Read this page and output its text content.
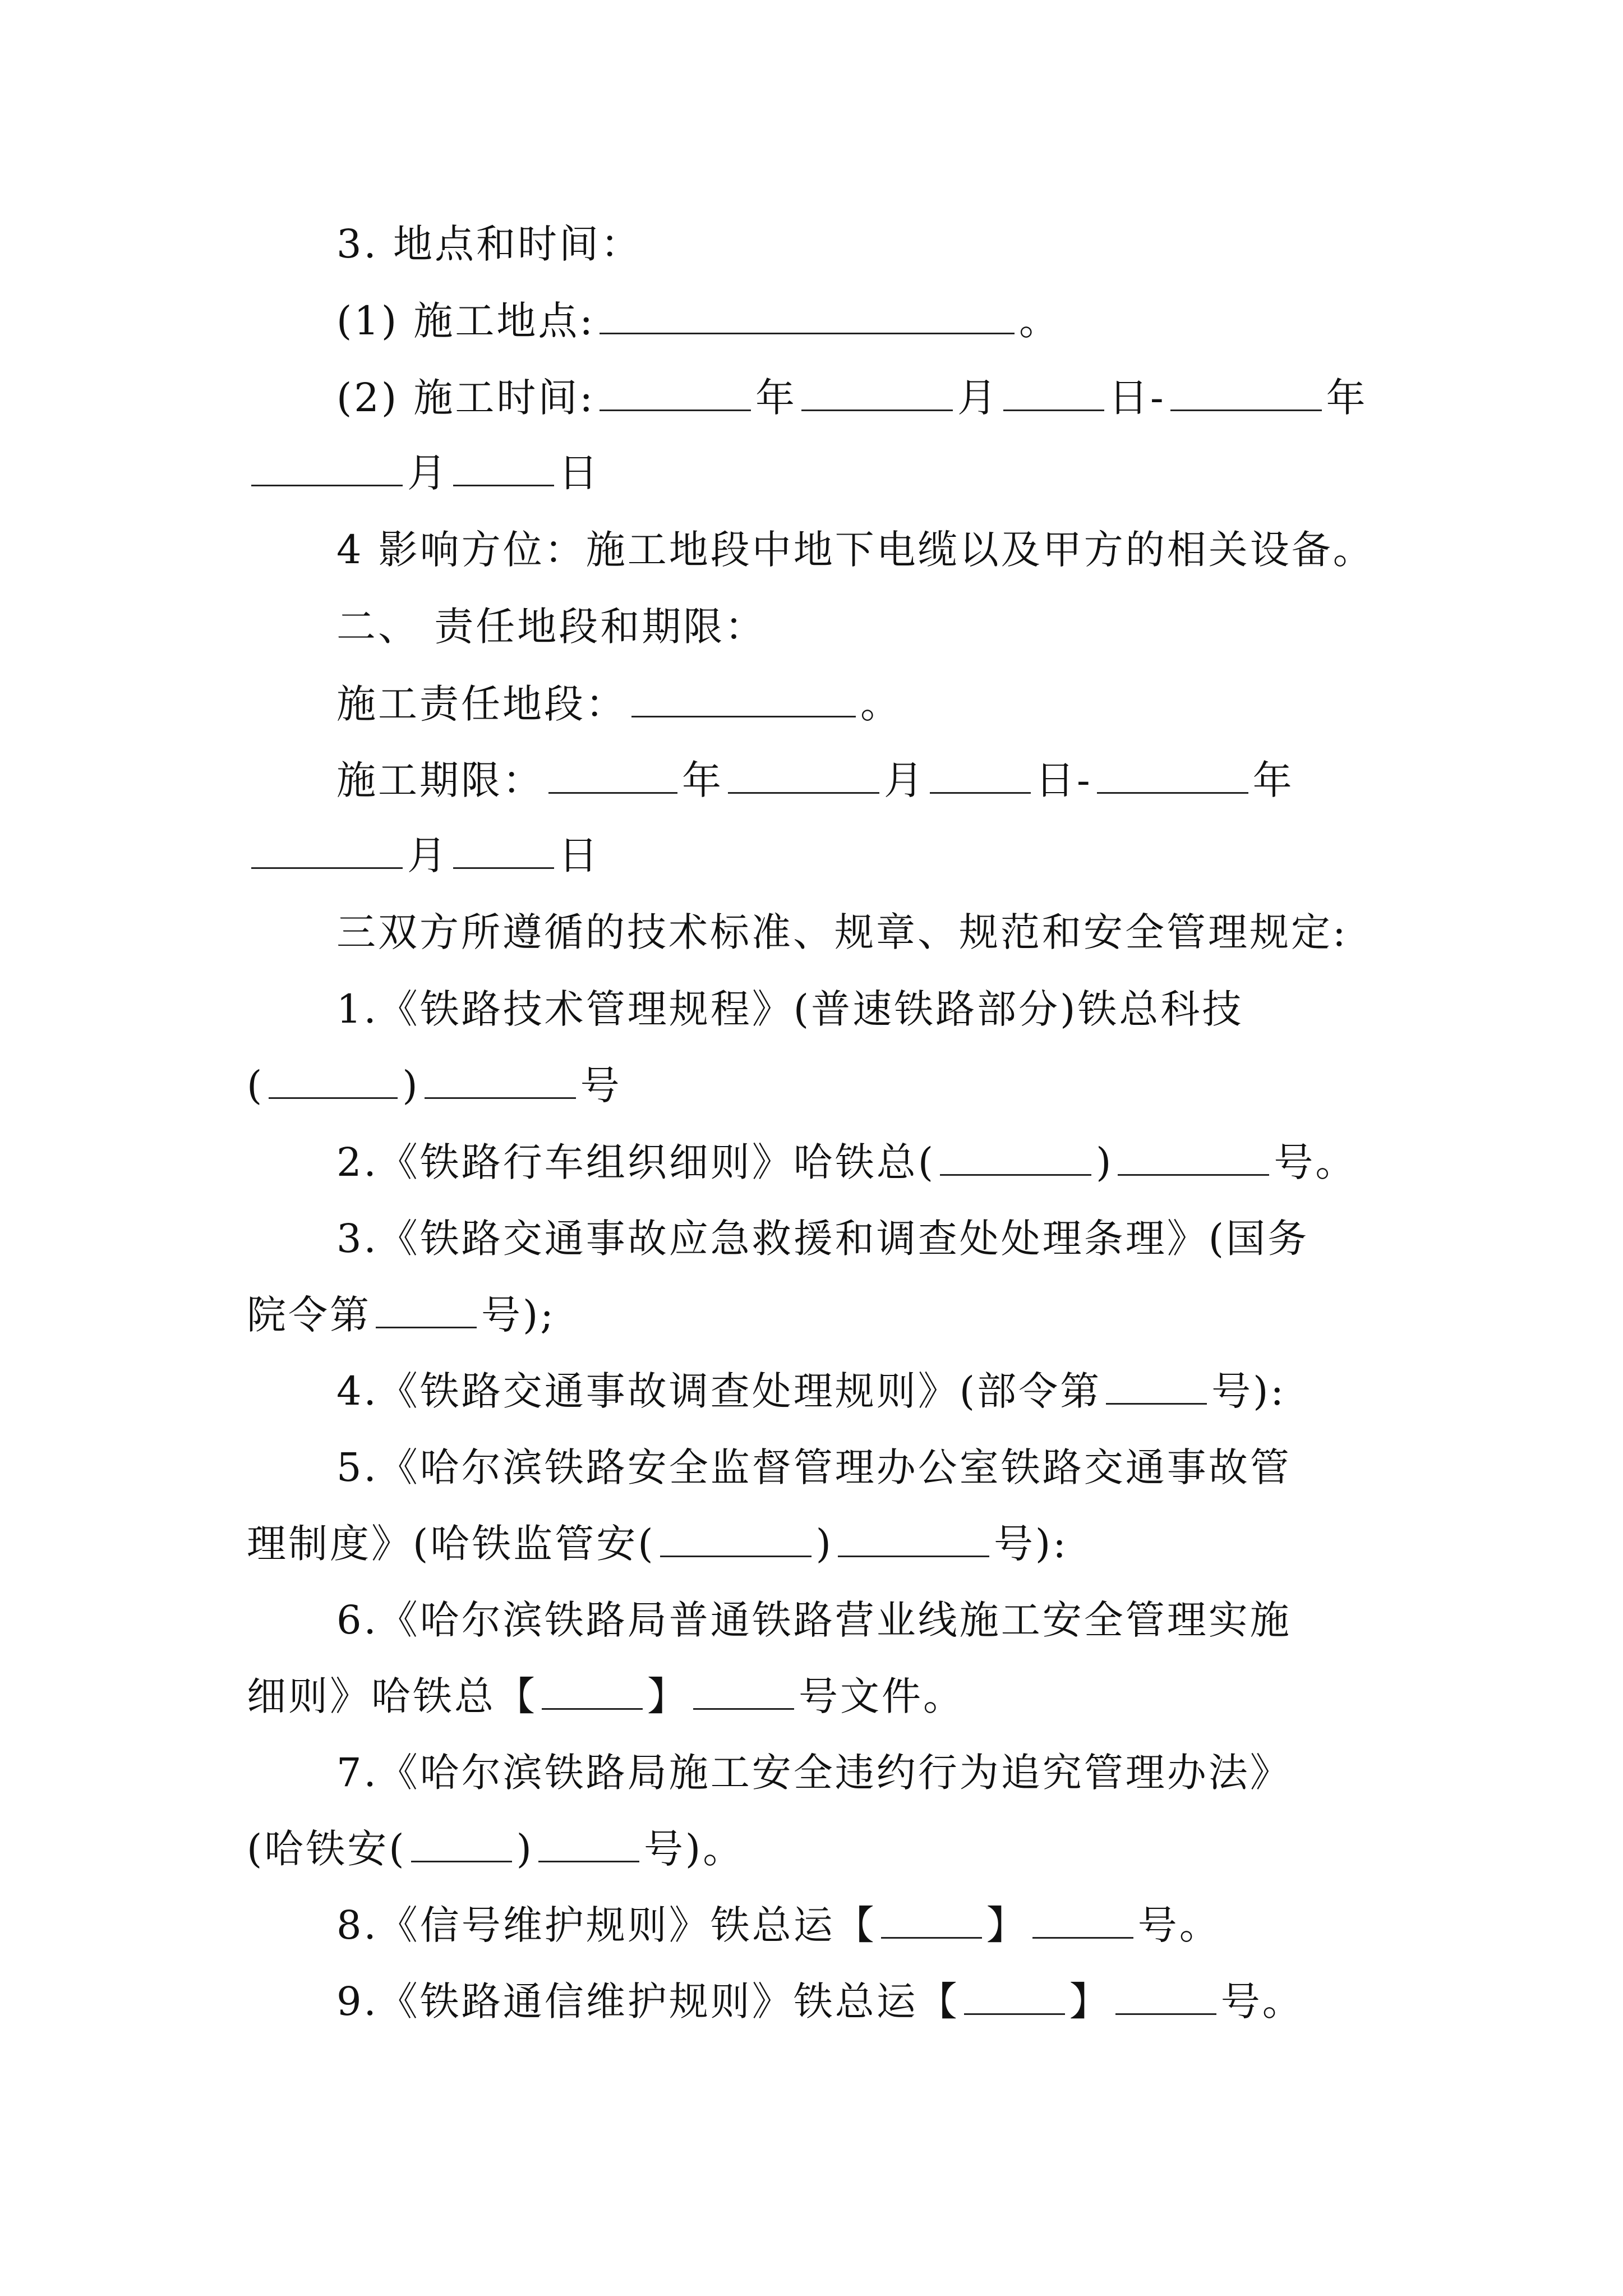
3. 地点和时间：
(1) 施工地点:	。
(2) 施工时间:	年	月	日-	年
月	日
4 影响方位：施工地段中地下电缆以及甲方的相关设备。
二、 责任地段和期限：
施工责任地段：	。
施工期限：	年	月	日-	年
月	日
三双方所遵循的技术标准、规章、规范和安全管理规定:
1.《铁路技术管理规程》(普速铁路部分)铁总科技
(	)	号
2.《铁路行车组织细则》哈铁总(	)	号。
3.《铁路交通事故应急救援和调查处处理条理》(国务
院令第	号);
4.《铁路交通事故调查处理规则》(部令第	号):
5.《哈尔滨铁路安全监督管理办公室铁路交通事故管
理制度》(哈铁监管安(	)	号):
6.《哈尔滨铁路局普通铁路营业线施工安全管理实施
细则》哈铁总【	】	号文件。
7.《哈尔滨铁路局施工安全违约行为追究管理办法》
(哈铁安(	)	号)。
8.《信号维护规则》铁总运【	】	号。
9.《铁路通信维护规则》铁总运【	】	号。
